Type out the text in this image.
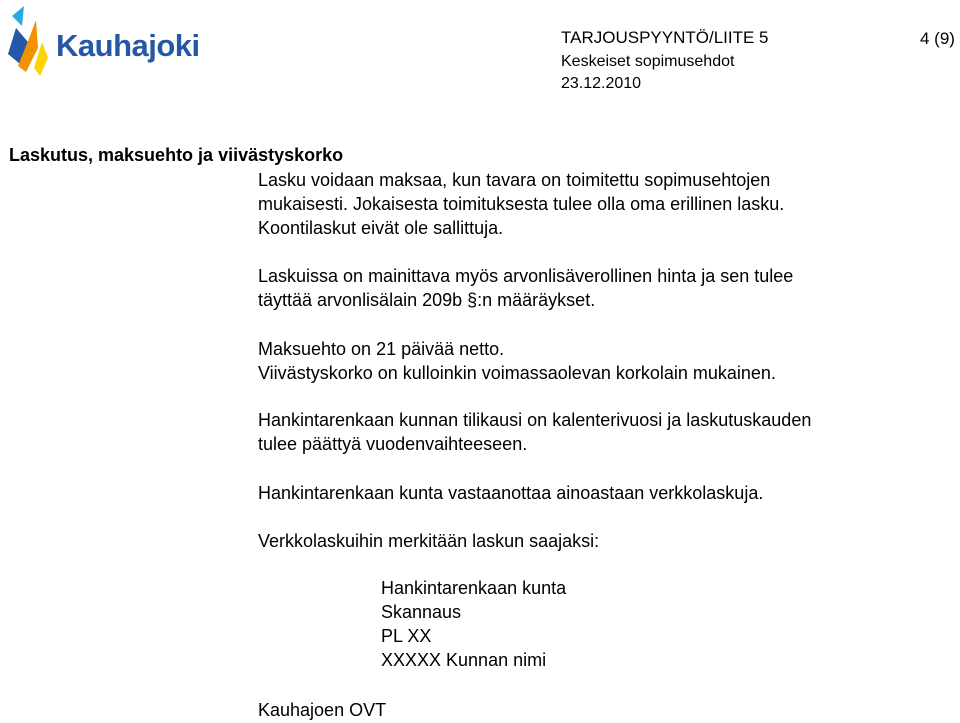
Kauhajoki	TARJOUSPYYNTÖ/LIITE 5
Keskeiset sopimusehdot
23.12.2010
4 (9)
Laskutus, maksuehto ja viivästyskorko
Lasku voidaan maksaa, kun tavara on toimitettu sopimusehtojen
mukaisesti. Jokaisesta toimituksesta tulee olla oma erillinen lasku.
Koontilaskut eivät ole sallittuja.
Laskuissa on mainittava myös arvonlisäverollinen hinta ja sen tulee
täyttää arvonlisälain 209b §:n määräykset.
Maksuehto on 21 päivää netto.
Viivästyskorko on kulloinkin voimassaolevan korkolain mukainen.
Hankintarenkaan kunnan tilikausi on kalenterivuosi ja laskutuskauden
tulee päättyä vuodenvaihteeseen.
Hankintarenkaan kunta vastaanottaa ainoastaan verkkolaskuja.
Verkkolaskuihin merkitään laskun saajaksi:
Hankintarenkaan kunta
Skannaus
PL XX
XXXXX Kunnan nimi
Kauhajoen OVT
